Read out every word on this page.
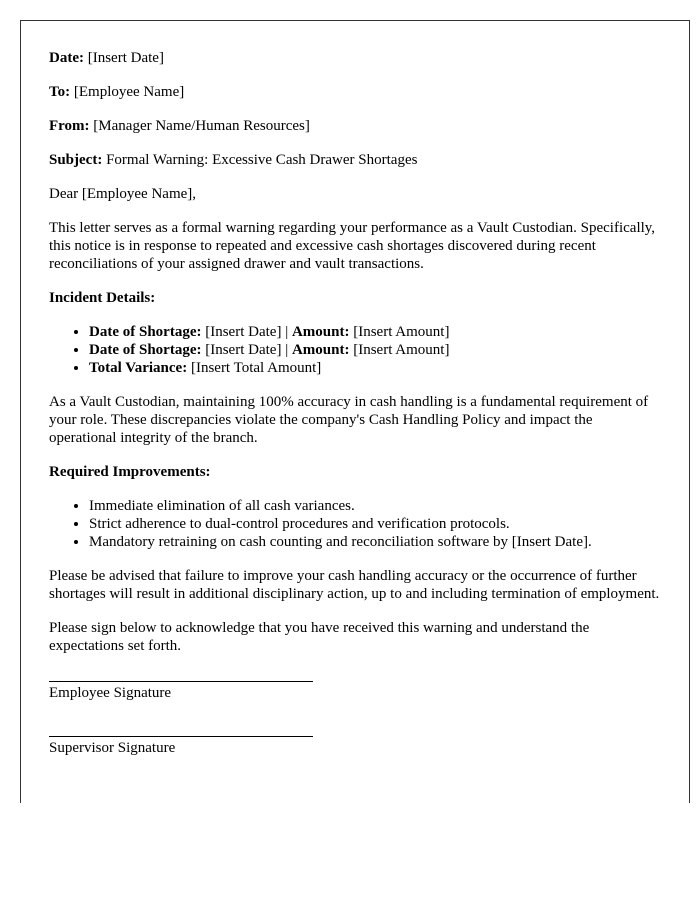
Date: [Insert Date]

To: [Employee Name]

From: [Manager Name/Human Resources]

Subject: Formal Warning: Excessive Cash Drawer Shortages

Dear [Employee Name],

This letter serves as a formal warning regarding your performance as a Vault Custodian. Specifically, this notice is in response to repeated and excessive cash shortages discovered during recent reconciliations of your assigned drawer and vault transactions.

Incident Details:

• Date of Shortage: [Insert Date] | Amount: [Insert Amount]
• Date of Shortage: [Insert Date] | Amount: [Insert Amount]
• Total Variance: [Insert Total Amount]

As a Vault Custodian, maintaining 100% accuracy in cash handling is a fundamental requirement of your role. These discrepancies violate the company's Cash Handling Policy and impact the operational integrity of the branch.

Required Improvements:

• Immediate elimination of all cash variances.
• Strict adherence to dual-control procedures and verification protocols.
• Mandatory retraining on cash counting and reconciliation software by [Insert Date].

Please be advised that failure to improve your cash handling accuracy or the occurrence of further shortages will result in additional disciplinary action, up to and including termination of employment.

Please sign below to acknowledge that you have received this warning and understand the expectations set forth.

Employee Signature
Supervisor Signature
